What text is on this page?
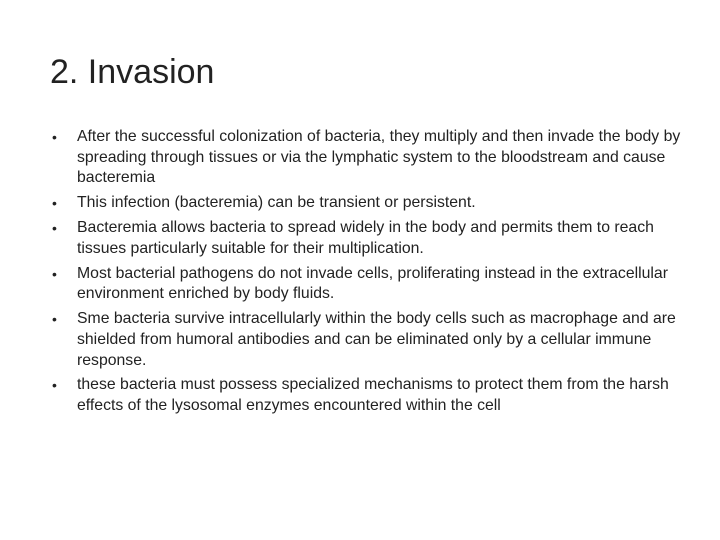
2. Invasion
•	After the successful colonization of bacteria, they multiply and then invade the body by spreading through tissues or via the lymphatic system to the bloodstream and cause bacteremia
•	This infection (bacteremia) can be transient or persistent.
•	Bacteremia allows bacteria to spread widely in the body and permits them to reach tissues particularly suitable for their multiplication.
•	Most bacterial pathogens do not invade cells, proliferating instead in the extracellular environment enriched by body fluids.
•	Sme bacteria survive intracellularly within the body cells such as macrophage and are shielded from humoral antibodies and can be eliminated only by a cellular immune response.
•	these bacteria must possess specialized mechanisms to protect them from the harsh effects of the lysosomal enzymes encountered within the cell
